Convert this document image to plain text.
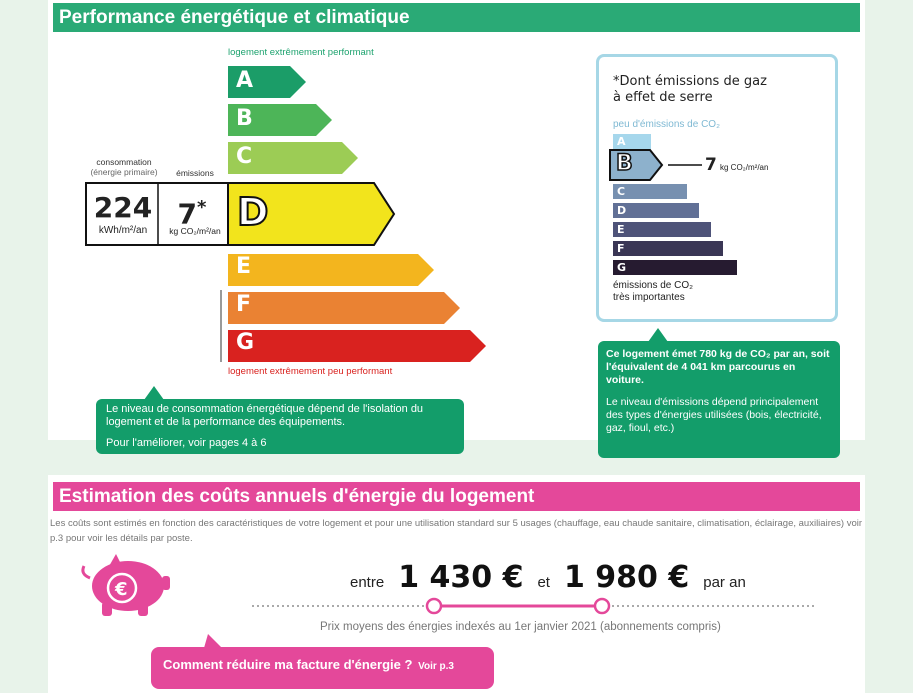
Performance énergétique et climatique
logement extrêmement performant
A
B
C
E
F
G
D
consommation
(énergie primaire)	émissions
224
kWh/m²/an
7*
kg CO₂/m²/an
logement extrêmement peu performant
Le niveau de consommation énergétique dépend de l'isolation du logement et de la performance des équipements.
Pour l'améliorer, voir pages 4 à 6
*Dont émissions de gaz
à effet de serre
peu d'émissions de CO₂
A
C
D
E
F
G
émissions de CO₂
très importantes
B	7 kg CO₂/m²/an
Ce logement émet 780 kg de CO₂ par an, soit l'équivalent de 4 041 km parcourus en voiture.
Le niveau d'émissions dépend principalement des types d'énergies utilisées (bois, électricité, gaz, fioul, etc.)
Estimation des coûts annuels d'énergie du logement
Les coûts sont estimés en fonction des caractéristiques de votre logement et pour une utilisation standard sur 5 usages (chauffage, eau chaude sanitaire, climatisation, éclairage, auxiliaires) voir p.3 pour voir les détails par poste.
€	entre 1 430 € et 1 980 € par an
Prix moyens des énergies indexés au 1er janvier 2021 (abonnements compris)
Comment réduire ma facture d'énergie ? Voir p.3
